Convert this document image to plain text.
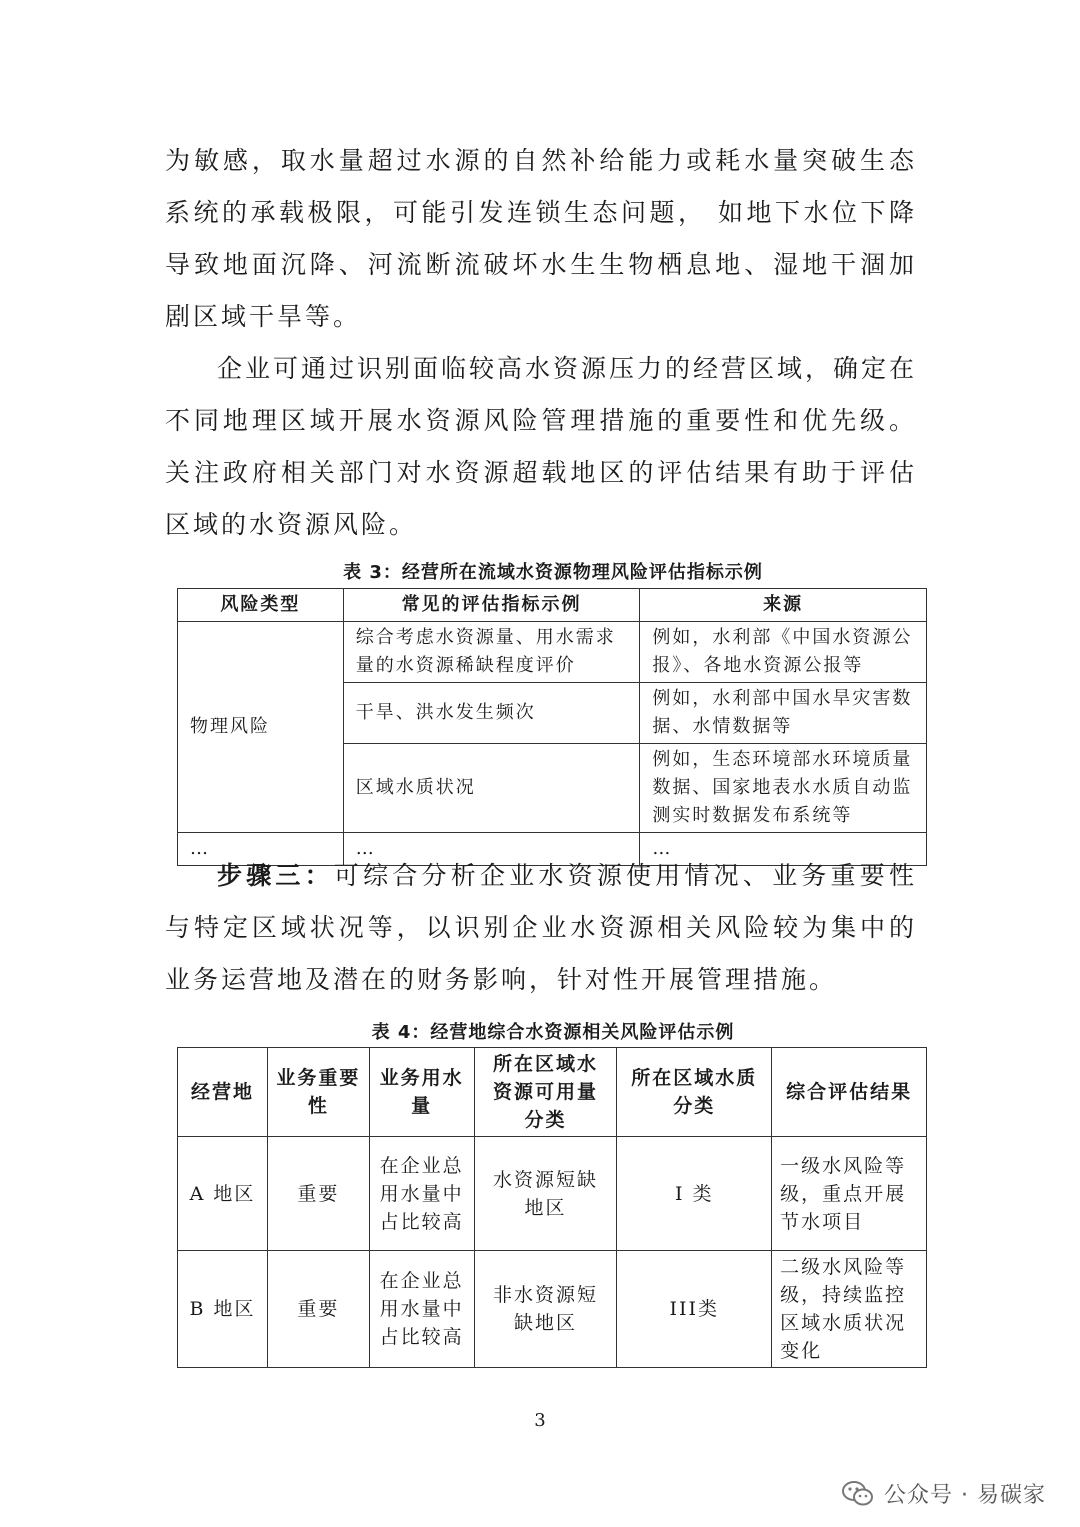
为敏感，取水量超过水源的自然补给能力或耗水量突破生态系统的承载极限，可能引发连锁生态问题， 如地下水位下降导致地面沉降、河流断流破坏水生生物栖息地、湿地干涸加剧区域干旱等。

企业可通过识别面临较高水资源压力的经营区域，确定在不同地理区域开展水资源风险管理措施的重要性和优先级。关注政府相关部门对水资源超载地区的评估结果有助于评估区域的水资源风险。

表 3：经营所在流域水资源物理风险评估指标示例

风险类型	常见的评估指标示例	来源
物理风险	综合考虑水资源量、用水需求量的水资源稀缺程度评价	例如，水利部《中国水资源公报》、各地水资源公报等
	干旱、洪水发生频次	例如，水利部中国水旱灾害数据、水情数据等
	区域水质状况	例如，生态环境部水环境质量数据、国家地表水水质自动监测实时数据发布系统等
…	…	…

步骤三：可综合分析企业水资源使用情况、业务重要性与特定区域状况等，以识别企业水资源相关风险较为集中的业务运营地及潜在的财务影响，针对性开展管理措施。

表 4：经营地综合水资源相关风险评估示例

经营地	业务重要性	业务用水量	所在区域水资源可用量分类	所在区域水质分类	综合评估结果
A 地区	重要	在企业总用水量中占比较高	水资源短缺地区	I 类	一级水风险等级，重点开展节水项目
B 地区	重要	在企业总用水量中占比较高	非水资源短缺地区	III类	二级水风险等级，持续监控区域水质状况变化
3
公众号 · 易碳家
